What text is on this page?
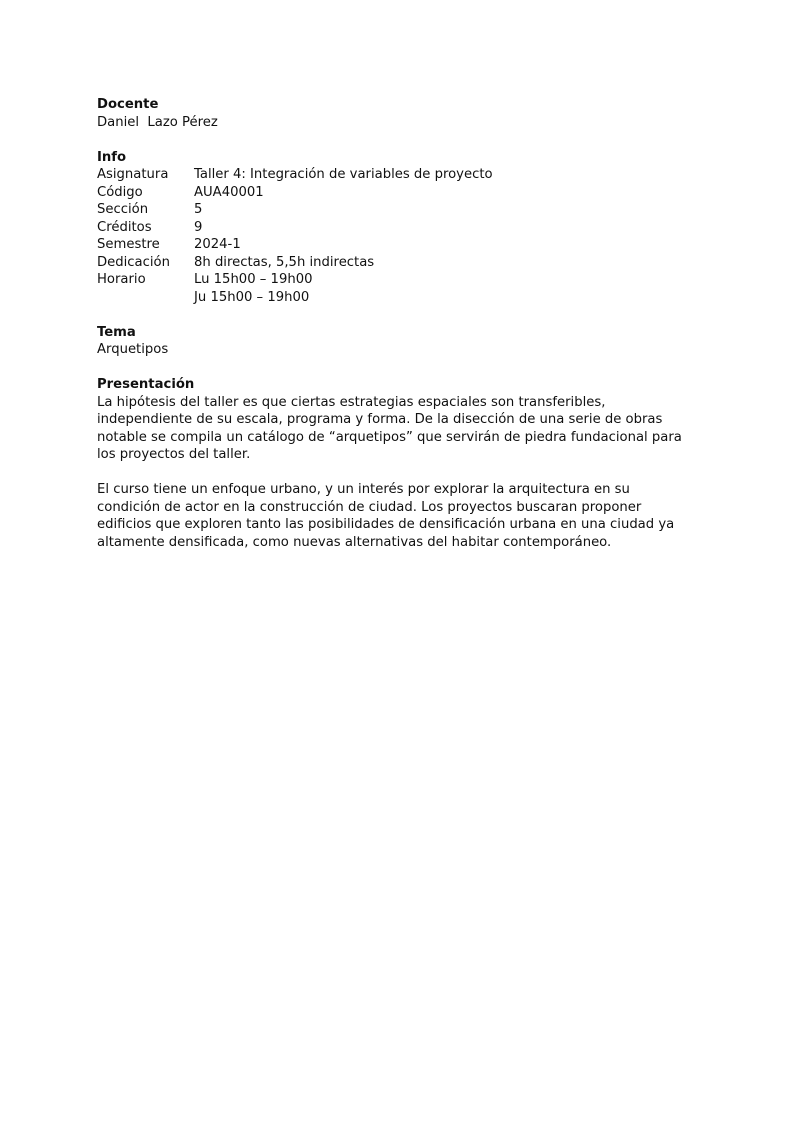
Docente

Daniel  Lazo Pérez

Info

Asignatura	Taller 4: Integración de variables de proyecto
Código	AUA40001
Sección	5
Créditos	9
Semestre	2024-1
Dedicación	8h directas, 5,5h indirectas
Horario	Lu 15h00 – 19h00
	Ju 15h00 – 19h00

Tema

Arquetipos

Presentación

La hipótesis del taller es que ciertas estrategias espaciales son transferibles, independiente de su escala, programa y forma. De la disección de una serie de obras notable se compila un catálogo de “arquetipos” que servirán de piedra fundacional para los proyectos del taller.

El curso tiene un enfoque urbano, y un interés por explorar la arquitectura en su condición de actor en la construcción de ciudad. Los proyectos buscaran proponer edificios que exploren tanto las posibilidades de densificación urbana en una ciudad ya altamente densificada, como nuevas alternativas del habitar contemporáneo.
